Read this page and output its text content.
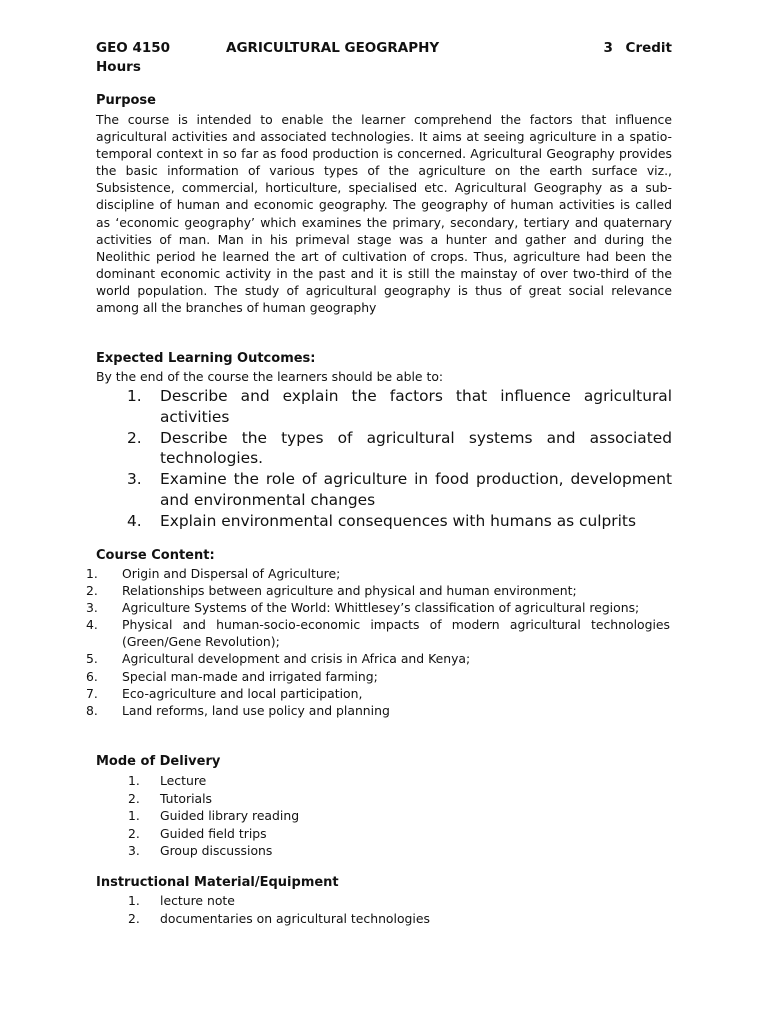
GEO 4150	AGRICULTURAL GEOGRAPHY	3 Credit
Hours
Purpose
The course is intended to enable the learner comprehend the factors that influence agricultural activities and associated technologies. It aims at seeing agriculture in a spatio-temporal context in so far as food production is concerned. Agricultural Geography provides the basic information of various types of the agriculture on the earth surface viz., Subsistence, commercial, horticulture, specialised etc. Agricultural Geography as a sub-discipline of human and economic geography. The geography of human activities is called as ‘economic geography’ which examines the primary, secondary, tertiary and quaternary activities of man. Man in his primeval stage was a hunter and gather and during the Neolithic period he learned the art of cultivation of crops. Thus, agriculture had been the dominant economic activity in the past and it is still the mainstay of over two-third of the world population. The study of agricultural geography is thus of great social relevance among all the branches of human geography
Expected Learning Outcomes:
By the end of the course the learners should be able to:
1. Describe and explain the factors that influence agricultural activities
2. Describe the types of agricultural systems and associated technologies.
3. Examine the role of agriculture in food production, development and environmental changes
4. Explain environmental consequences with humans as culprits
Course Content:
1. Origin and Dispersal of Agriculture;
2. Relationships between agriculture and physical and human environment;
3. Agriculture Systems of the World: Whittlesey’s classification of agricultural regions;
4. Physical and human-socio-economic impacts of modern agricultural technologies (Green/Gene Revolution);
5. Agricultural development and crisis in Africa and Kenya;
6. Special man-made and irrigated farming;
7. Eco-agriculture and local participation,
8. Land reforms, land use policy and planning
Mode of Delivery
1. Lecture
2. Tutorials
1. Guided library reading
2. Guided field trips
3. Group discussions
Instructional Material/Equipment
1. lecture note
2. documentaries on agricultural technologies
